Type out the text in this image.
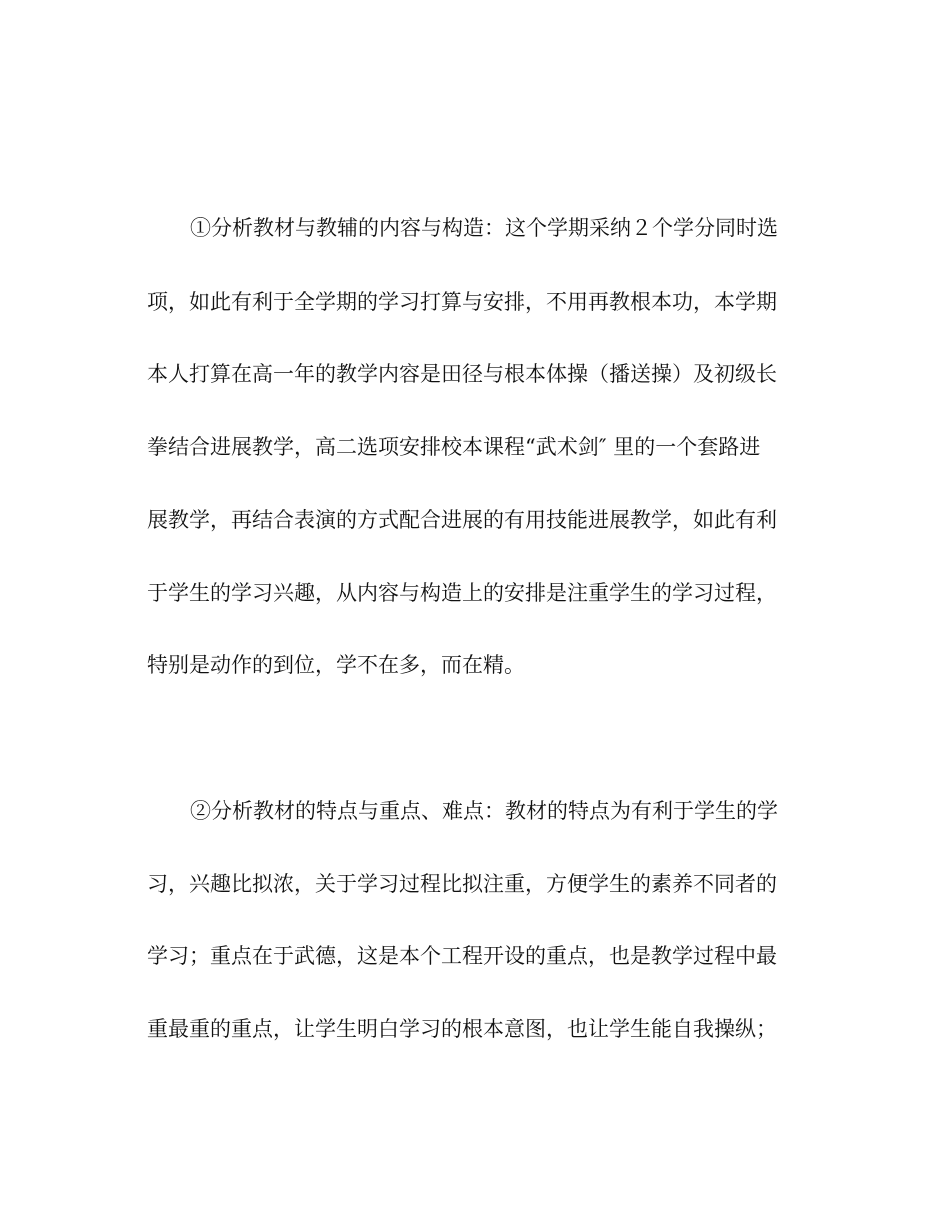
①分析教材与教辅的内容与构造：这个学期采纳２个学分同时选
项，如此有利于全学期的学习打算与安排，不用再教根本功，本学期
本人打算在高一年的教学内容是田径与根本体操（播送操）及初级长
拳结合进展教学，高二选项安排校本课程“武术剑″ 里的一个套路进
展教学，再结合表演的方式配合进展的有用技能进展教学，如此有利
于学生的学习兴趣，从内容与构造上的安排是注重学生的学习过程，
特别是动作的到位，学不在多，而在精。
②分析教材的特点与重点、难点：教材的特点为有利于学生的学
习，兴趣比拟浓，关于学习过程比拟注重，方便学生的素养不同者的
学习；重点在于武德，这是本个工程开设的重点，也是教学过程中最
重最重的重点，让学生明白学习的根本意图，也让学生能自我操纵；
